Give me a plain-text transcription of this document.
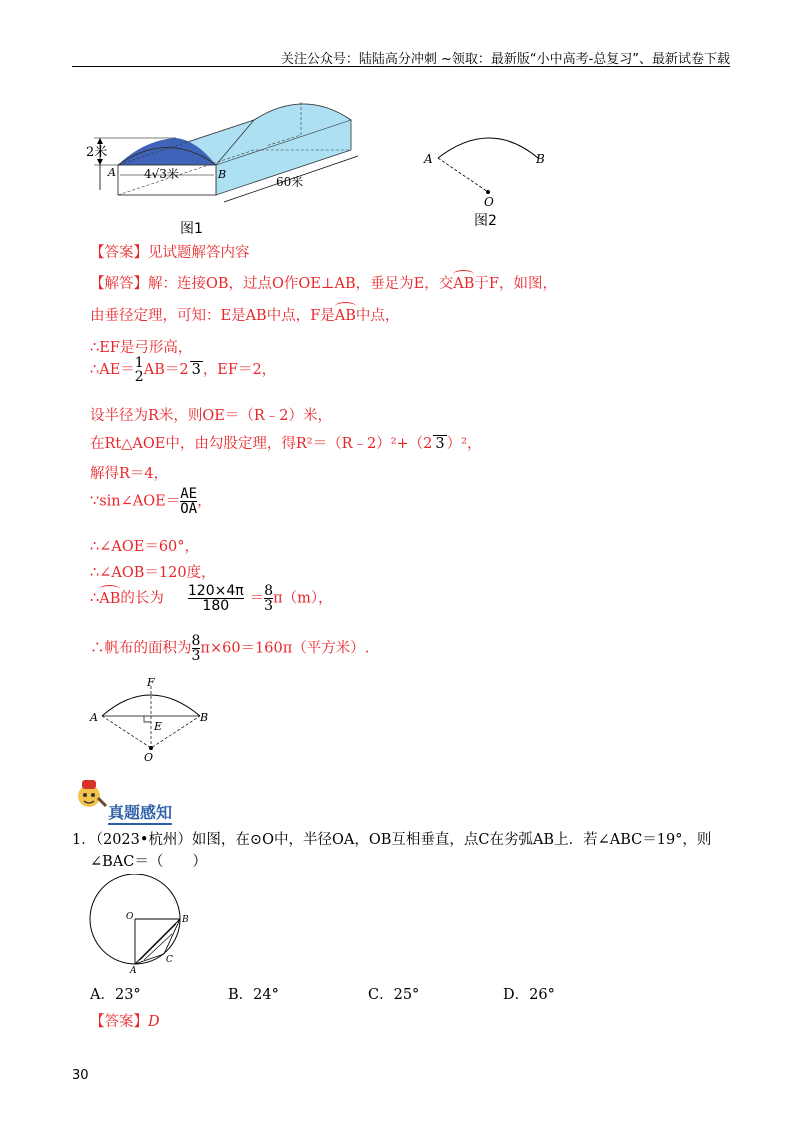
关注公众号：陆陆高分冲刺 ~领取：最新版“小中高考-总复习”、最新试卷下载
2米
4√3米
60米
A	B
图1
A	B
O
图2
【答案】见试题解答内容
【解答】解：连接OB，过点O作OE⊥AB，垂足为E，交AB于F，如图，
由垂径定理，可知：E是AB中点，F是AB中点，
∴EF是弓形高，
∴AE＝ 1
2 AB＝2 3 ，EF＝2，
设半径为R米，则OE＝（R﹣2）米，
在Rt△AOE中，由勾股定理，得R²＝（R﹣2）²+（2 3 ）²，
解得R＝4，
∵sin∠AOE＝ $\frac{AE}{OA}$ ，
∴∠AOE＝60°，
∴∠AOB＝120度，
∴AB的长为 $\frac{120\times 4\pi}{180} = \frac{8}{3} \pi(m)$，
∴帆布的面积为 $\frac{8}{3} \pi\times 60=160\pi$（平方米）.
F
A	B
E
O
真题感知
1．（2023•杭州）如图，在⊙O中，半径OA，OB互相垂直，点C在劣弧AB上．若∠ABC＝19°，则
∠BAC＝（　　）
O	B
A
C
A．23°	B．24°	C．25°	D．26°
【答案】D
30
